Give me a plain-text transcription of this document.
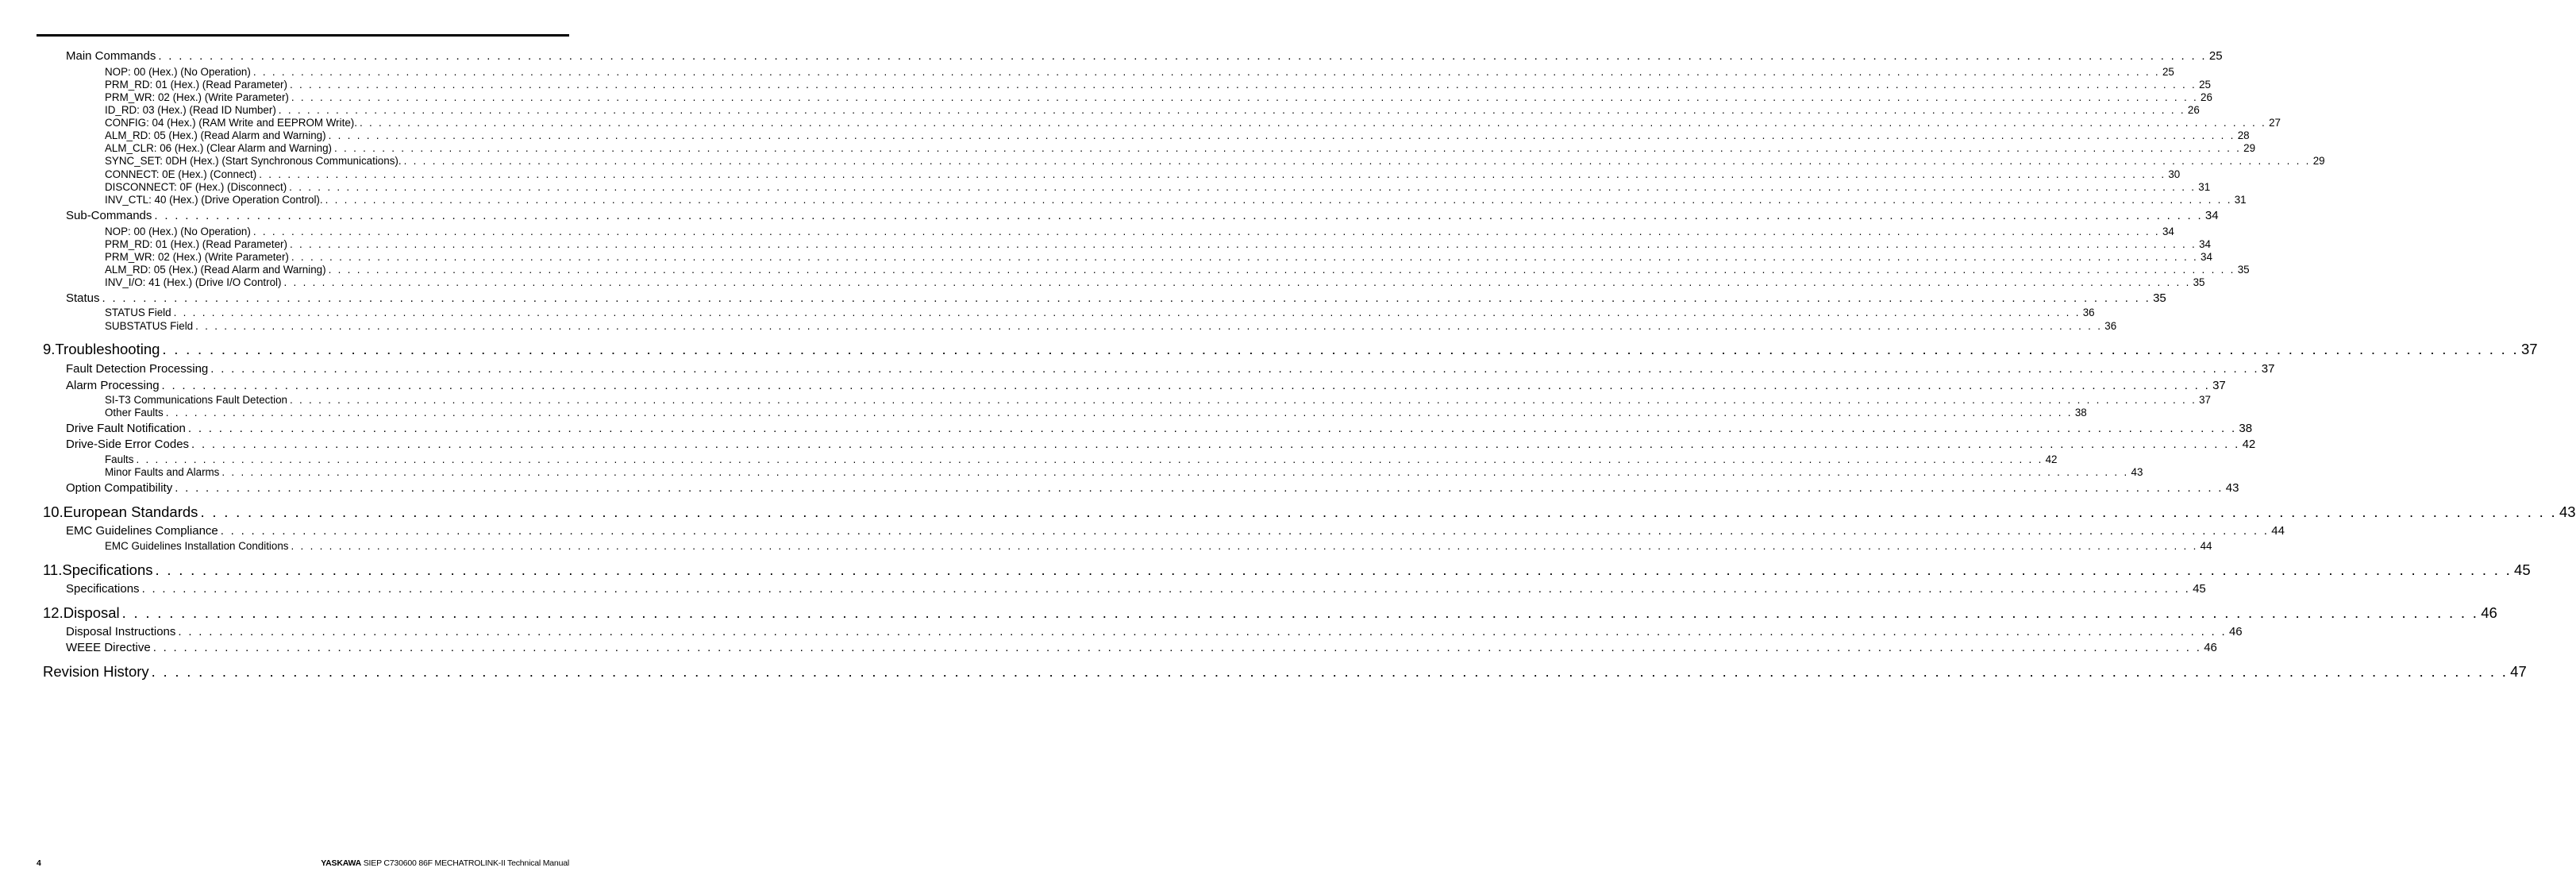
Main Commands . . . . . . . . . . . . . . . . . . . . . . . . . . . . . . . . . . . . . . . . . . . . . . . . . . . . . . . . . . . . . . . . . . . . . . . . . . . . . . . . . . . . . . . . . . . . . . . . . . . . . . . . . . . . . . . . . . . . . . . . . . . . . . . . . . . . . . . . . . . . . . . . . . . . . . . . . . . . . . . . . . . . . . . . . . . . . . . . . . . . . . . . . . . . . . . . . . . . . . . . 25
NOP: 00 (Hex.) (No Operation) . . . . . . . . . . . . . . . . . . . . . . . . . . . . . . . . . . . . . . . . . . . . . . . . . . . . . . . . . . . . . . . . . . . . . . . . . . . . . . . . . . . . . . . . . . . . . . . . . . . . . . . . . . . . . . . . . . . . . . . . . . . . . . . . . . . . . . . . . . . . . . . . . . . . . . . . . . . . . . . . . . . . . . . . . . . . . . . . . . . . . . . . . . . . . . . . . . . . . . . . 25
PRM_RD: 01 (Hex.) (Read Parameter) . . . . . . . . . . . . . . . . . . . . . . . . . . . . . . . . . . . . . . . . . . . . . . . . . . . . . . . . . . . . . . . . . . . . . . . . . . . . . . . . . . . . . . . . . . . . . . . . . . . . . . . . . . . . . . . . . . . . . . . . . . . . . . . . . . . . . . . . . . . . . . . . . . . . . . . . . . . . . . . . . . . . . . . . . . . . . . . . . . . . . . . . . . . . . . . . . . . . . . . . 25
PRM_WR: 02 (Hex.) (Write Parameter) . . . . . . . . . . . . . . . . . . . . . . . . . . . . . . . . . . . . . . . . . . . . . . . . . . . . . . . . . . . . . . . . . . . . . . . . . . . . . . . . . . . . . . . . . . . . . . . . . . . . . . . . . . . . . . . . . . . . . . . . . . . . . . . . . . . . . . . . . . . . . . . . . . . . . . . . . . . . . . . . . . . . . . . . . . . . . . . . . . . . . . . . . . . . . . . . . . . . . . . . 26
ID_RD: 03 (Hex.) (Read ID Number) . . . . . . . . . . . . . . . . . . . . . . . . . . . . . . . . . . . . . . . . . . . . . . . . . . . . . . . . . . . . . . . . . . . . . . . . . . . . . . . . . . . . . . . . . . . . . . . . . . . . . . . . . . . . . . . . . . . . . . . . . . . . . . . . . . . . . . . . . . . . . . . . . . . . . . . . . . . . . . . . . . . . . . . . . . . . . . . . . . . . . . . . . . . . . . . . . . . . . . . . 26
CONFIG: 04 (Hex.) (RAM Write and EEPROM Write). . . . . . . . . . . . . . . . . . . . . . . . . . . . . . . . . . . . . . . . . . . . . . . . . . . . . . . . . . . . . . . . . . . . . . . . . . . . . . . . . . . . . . . . . . . . . . . . . . . . . . . . . . . . . . . . . . . . . . . . . . . . . . . . . . . . . . . . . . . . . . . . . . . . . . . . . . . . . . . . . . . . . . . . . . . . . . . . . . . . . . . . . . . . . . . . . . . . . . . . . 27
ALM_RD: 05 (Hex.) (Read Alarm and Warning) . . . . . . . . . . . . . . . . . . . . . . . . . . . . . . . . . . . . . . . . . . . . . . . . . . . . . . . . . . . . . . . . . . . . . . . . . . . . . . . . . . . . . . . . . . . . . . . . . . . . . . . . . . . . . . . . . . . . . . . . . . . . . . . . . . . . . . . . . . . . . . . . . . . . . . . . . . . . . . . . . . . . . . . . . . . . . . . . . . . . . . . . . . . . . . . . . . . . . . . . 28
ALM_CLR: 06 (Hex.) (Clear Alarm and Warning) . . . . . . . . . . . . . . . . . . . . . . . . . . . . . . . . . . . . . . . . . . . . . . . . . . . . . . . . . . . . . . . . . . . . . . . . . . . . . . . . . . . . . . . . . . . . . . . . . . . . . . . . . . . . . . . . . . . . . . . . . . . . . . . . . . . . . . . . . . . . . . . . . . . . . . . . . . . . . . . . . . . . . . . . . . . . . . . . . . . . . . . . . . . . . . . . . . . . . . . . 29
SYNC_SET: 0DH (Hex.) (Start Synchronous Communications). . . . . . . . . . . . . . . . . . . . . . . . . . . . . . . . . . . . . . . . . . . . . . . . . . . . . . . . . . . . . . . . . . . . . . . . . . . . . . . . . . . . . . . . . . . . . . . . . . . . . . . . . . . . . . . . . . . . . . . . . . . . . . . . . . . . . . . . . . . . . . . . . . . . . . . . . . . . . . . . . . . . . . . . . . . . . . . . . . . . . . . . . . . . . . . . . . . . . . . . . 29
CONNECT: 0E (Hex.) (Connect) . . . . . . . . . . . . . . . . . . . . . . . . . . . . . . . . . . . . . . . . . . . . . . . . . . . . . . . . . . . . . . . . . . . . . . . . . . . . . . . . . . . . . . . . . . . . . . . . . . . . . . . . . . . . . . . . . . . . . . . . . . . . . . . . . . . . . . . . . . . . . . . . . . . . . . . . . . . . . . . . . . . . . . . . . . . . . . . . . . . . . . . . . . . . . . . . . . . . . . . . 30
DISCONNECT: 0F (Hex.) (Disconnect) . . . . . . . . . . . . . . . . . . . . . . . . . . . . . . . . . . . . . . . . . . . . . . . . . . . . . . . . . . . . . . . . . . . . . . . . . . . . . . . . . . . . . . . . . . . . . . . . . . . . . . . . . . . . . . . . . . . . . . . . . . . . . . . . . . . . . . . . . . . . . . . . . . . . . . . . . . . . . . . . . . . . . . . . . . . . . . . . . . . . . . . . . . . . . . . . . . . . . . . . 31
INV_CTL: 40 (Hex.) (Drive Operation Control). . . . . . . . . . . . . . . . . . . . . . . . . . . . . . . . . . . . . . . . . . . . . . . . . . . . . . . . . . . . . . . . . . . . . . . . . . . . . . . . . . . . . . . . . . . . . . . . . . . . . . . . . . . . . . . . . . . . . . . . . . . . . . . . . . . . . . . . . . . . . . . . . . . . . . . . . . . . . . . . . . . . . . . . . . . . . . . . . . . . . . . . . . . . . . . . . . . . . . . . . 31
Sub-Commands . . . . . . . . . . . . . . . . . . . . . . . . . . . . . . . . . . . . . . . . . . . . . . . . . . . . . . . . . . . . . . . . . . . . . . . . . . . . . . . . . . . . . . . . . . . . . . . . . . . . . . . . . . . . . . . . . . . . . . . . . . . . . . . . . . . . . . . . . . . . . . . . . . . . . . . . . . . . . . . . . . . . . . . . . . . . . . . . . . . . . . . . . . . . . . . . . . . . . . . . 34
NOP: 00 (Hex.) (No Operation) . . . . . . . . . . . . . . . . . . . . . . . . . . . . . . . . . . . . . . . . . . . . . . . . . . . . . . . . . . . . . . . . . . . . . . . . . . . . . . . . . . . . . . . . . . . . . . . . . . . . . . . . . . . . . . . . . . . . . . . . . . . . . . . . . . . . . . . . . . . . . . . . . . . . . . . . . . . . . . . . . . . . . . . . . . . . . . . . . . . . . . . . . . . . . . . . . . . . . . . . 34
PRM_RD: 01 (Hex.) (Read Parameter) . . . . . . . . . . . . . . . . . . . . . . . . . . . . . . . . . . . . . . . . . . . . . . . . . . . . . . . . . . . . . . . . . . . . . . . . . . . . . . . . . . . . . . . . . . . . . . . . . . . . . . . . . . . . . . . . . . . . . . . . . . . . . . . . . . . . . . . . . . . . . . . . . . . . . . . . . . . . . . . . . . . . . . . . . . . . . . . . . . . . . . . . . . . . . . . . . . . . . . . . 34
PRM_WR: 02 (Hex.) (Write Parameter) . . . . . . . . . . . . . . . . . . . . . . . . . . . . . . . . . . . . . . . . . . . . . . . . . . . . . . . . . . . . . . . . . . . . . . . . . . . . . . . . . . . . . . . . . . . . . . . . . . . . . . . . . . . . . . . . . . . . . . . . . . . . . . . . . . . . . . . . . . . . . . . . . . . . . . . . . . . . . . . . . . . . . . . . . . . . . . . . . . . . . . . . . . . . . . . . . . . . . . . . 34
ALM_RD: 05 (Hex.) (Read Alarm and Warning) . . . . . . . . . . . . . . . . . . . . . . . . . . . . . . . . . . . . . . . . . . . . . . . . . . . . . . . . . . . . . . . . . . . . . . . . . . . . . . . . . . . . . . . . . . . . . . . . . . . . . . . . . . . . . . . . . . . . . . . . . . . . . . . . . . . . . . . . . . . . . . . . . . . . . . . . . . . . . . . . . . . . . . . . . . . . . . . . . . . . . . . . . . . . . . . . . . . . . . . . 35
INV_I/O: 41 (Hex.) (Drive I/O Control) . . . . . . . . . . . . . . . . . . . . . . . . . . . . . . . . . . . . . . . . . . . . . . . . . . . . . . . . . . . . . . . . . . . . . . . . . . . . . . . . . . . . . . . . . . . . . . . . . . . . . . . . . . . . . . . . . . . . . . . . . . . . . . . . . . . . . . . . . . . . . . . . . . . . . . . . . . . . . . . . . . . . . . . . . . . . . . . . . . . . . . . . . . . . . . . . . . . . . . . . 35
Status . . . . . . . . . . . . . . . . . . . . . . . . . . . . . . . . . . . . . . . . . . . . . . . . . . . . . . . . . . . . . . . . . . . . . . . . . . . . . . . . . . . . . . . . . . . . . . . . . . . . . . . . . . . . . . . . . . . . . . . . . . . . . . . . . . . . . . . . . . . . . . . . . . . . . . . . . . . . . . . . . . . . . . . . . . . . . . . . . . . . . . . . . . . . . . . . . . . . . . . . 35
STATUS Field . . . . . . . . . . . . . . . . . . . . . . . . . . . . . . . . . . . . . . . . . . . . . . . . . . . . . . . . . . . . . . . . . . . . . . . . . . . . . . . . . . . . . . . . . . . . . . . . . . . . . . . . . . . . . . . . . . . . . . . . . . . . . . . . . . . . . . . . . . . . . . . . . . . . . . . . . . . . . . . . . . . . . . . . . . . . . . . . . . . . . . . . . . . . . . . . . . . . . . . . 36
SUBSTATUS Field . . . . . . . . . . . . . . . . . . . . . . . . . . . . . . . . . . . . . . . . . . . . . . . . . . . . . . . . . . . . . . . . . . . . . . . . . . . . . . . . . . . . . . . . . . . . . . . . . . . . . . . . . . . . . . . . . . . . . . . . . . . . . . . . . . . . . . . . . . . . . . . . . . . . . . . . . . . . . . . . . . . . . . . . . . . . . . . . . . . . . . . . . . . . . . . . . . . . . . . . 36
9. Troubleshooting . . . . . . . . . . . . . . . . . . . . . . . . . . . . . . . . . . . . . . . . . . . . . . . . . . . . . . . . . . . . . . . . . . . . . . . . . . . . . . . . . . . . . . . . . . . . . . . . . . . . . . . . . . . . . . . . . . . . . . . . . . . . . . . . . . . . . . . . . . . . . . . . . . . . . . . . . . . . . . . . . . . . . . . . . . . . . . . . . . . . . . . . . . . . . . . . . . . . . . . . 37
Fault Detection Processing . . . . . . . . . . . . . . . . . . . . . . . . . . . . . . . . . . . . . . . . . . . . . . . . . . . . . . . . . . . . . . . . . . . . . . . . . . . . . . . . . . . . . . . . . . . . . . . . . . . . . . . . . . . . . . . . . . . . . . . . . . . . . . . . . . . . . . . . . . . . . . . . . . . . . . . . . . . . . . . . . . . . . . . . . . . . . . . . . . . . . . . . . . . . . . . . . . . . . . . . 37
Alarm Processing . . . . . . . . . . . . . . . . . . . . . . . . . . . . . . . . . . . . . . . . . . . . . . . . . . . . . . . . . . . . . . . . . . . . . . . . . . . . . . . . . . . . . . . . . . . . . . . . . . . . . . . . . . . . . . . . . . . . . . . . . . . . . . . . . . . . . . . . . . . . . . . . . . . . . . . . . . . . . . . . . . . . . . . . . . . . . . . . . . . . . . . . . . . . . . . . . . . . . . . . 37
SI-T3 Communications Fault Detection . . . . . . . . . . . . . . . . . . . . . . . . . . . . . . . . . . . . . . . . . . . . . . . . . . . . . . . . . . . . . . . . . . . . . . . . . . . . . . . . . . . . . . . . . . . . . . . . . . . . . . . . . . . . . . . . . . . . . . . . . . . . . . . . . . . . . . . . . . . . . . . . . . . . . . . . . . . . . . . . . . . . . . . . . . . . . . . . . . . . . . . . . . . . . . . . . . . . . . . . 37
Other Faults . . . . . . . . . . . . . . . . . . . . . . . . . . . . . . . . . . . . . . . . . . . . . . . . . . . . . . . . . . . . . . . . . . . . . . . . . . . . . . . . . . . . . . . . . . . . . . . . . . . . . . . . . . . . . . . . . . . . . . . . . . . . . . . . . . . . . . . . . . . . . . . . . . . . . . . . . . . . . . . . . . . . . . . . . . . . . . . . . . . . . . . . . . . . . . . . . . . . . . . . 38
Drive Fault Notification . . . . . . . . . . . . . . . . . . . . . . . . . . . . . . . . . . . . . . . . . . . . . . . . . . . . . . . . . . . . . . . . . . . . . . . . . . . . . . . . . . . . . . . . . . . . . . . . . . . . . . . . . . . . . . . . . . . . . . . . . . . . . . . . . . . . . . . . . . . . . . . . . . . . . . . . . . . . . . . . . . . . . . . . . . . . . . . . . . . . . . . . . . . . . . . . . . . . . . . . 38
Drive-Side Error Codes . . . . . . . . . . . . . . . . . . . . . . . . . . . . . . . . . . . . . . . . . . . . . . . . . . . . . . . . . . . . . . . . . . . . . . . . . . . . . . . . . . . . . . . . . . . . . . . . . . . . . . . . . . . . . . . . . . . . . . . . . . . . . . . . . . . . . . . . . . . . . . . . . . . . . . . . . . . . . . . . . . . . . . . . . . . . . . . . . . . . . . . . . . . . . . . . . . . . . . . . 42
Faults . . . . . . . . . . . . . . . . . . . . . . . . . . . . . . . . . . . . . . . . . . . . . . . . . . . . . . . . . . . . . . . . . . . . . . . . . . . . . . . . . . . . . . . . . . . . . . . . . . . . . . . . . . . . . . . . . . . . . . . . . . . . . . . . . . . . . . . . . . . . . . . . . . . . . . . . . . . . . . . . . . . . . . . . . . . . . . . . . . . . . . . . . . . . . . . . . . . . . . . . 42
Minor Faults and Alarms . . . . . . . . . . . . . . . . . . . . . . . . . . . . . . . . . . . . . . . . . . . . . . . . . . . . . . . . . . . . . . . . . . . . . . . . . . . . . . . . . . . . . . . . . . . . . . . . . . . . . . . . . . . . . . . . . . . . . . . . . . . . . . . . . . . . . . . . . . . . . . . . . . . . . . . . . . . . . . . . . . . . . . . . . . . . . . . . . . . . . . . . . . . . . . . . . . . . . . . . 43
Option Compatibility . . . . . . . . . . . . . . . . . . . . . . . . . . . . . . . . . . . . . . . . . . . . . . . . . . . . . . . . . . . . . . . . . . . . . . . . . . . . . . . . . . . . . . . . . . . . . . . . . . . . . . . . . . . . . . . . . . . . . . . . . . . . . . . . . . . . . . . . . . . . . . . . . . . . . . . . . . . . . . . . . . . . . . . . . . . . . . . . . . . . . . . . . . . . . . . . . . . . . . . . 43
10. European Standards . . . . . . . . . . . . . . . . . . . . . . . . . . . . . . . . . . . . . . . . . . . . . . . . . . . . . . . . . . . . . . . . . . . . . . . . . . . . . . . . . . . . . . . . . . . . . . . . . . . . . . . . . . . . . . . . . . . . . . . . . . . . . . . . . . . . . . . . . . . . . . . . . . . . . . . . . . . . . . . . . . . . . . . . . . . . . . . . . . . . . . . . . . . . . . . . . . . . . . . . 43
EMC Guidelines Compliance . . . . . . . . . . . . . . . . . . . . . . . . . . . . . . . . . . . . . . . . . . . . . . . . . . . . . . . . . . . . . . . . . . . . . . . . . . . . . . . . . . . . . . . . . . . . . . . . . . . . . . . . . . . . . . . . . . . . . . . . . . . . . . . . . . . . . . . . . . . . . . . . . . . . . . . . . . . . . . . . . . . . . . . . . . . . . . . . . . . . . . . . . . . . . . . . . . . . . . . . 44
EMC Guidelines Installation Conditions . . . . . . . . . . . . . . . . . . . . . . . . . . . . . . . . . . . . . . . . . . . . . . . . . . . . . . . . . . . . . . . . . . . . . . . . . . . . . . . . . . . . . . . . . . . . . . . . . . . . . . . . . . . . . . . . . . . . . . . . . . . . . . . . . . . . . . . . . . . . . . . . . . . . . . . . . . . . . . . . . . . . . . . . . . . . . . . . . . . . . . . . . . . . . . . . . . . . . . . . 44
11. Specifications . . . . . . . . . . . . . . . . . . . . . . . . . . . . . . . . . . . . . . . . . . . . . . . . . . . . . . . . . . . . . . . . . . . . . . . . . . . . . . . . . . . . . . . . . . . . . . . . . . . . . . . . . . . . . . . . . . . . . . . . . . . . . . . . . . . . . . . . . . . . . . . . . . . . . . . . . . . . . . . . . . . . . . . . . . . . . . . . . . . . . . . . . . . . . . . . . . . . . . . . 45
Specifications . . . . . . . . . . . . . . . . . . . . . . . . . . . . . . . . . . . . . . . . . . . . . . . . . . . . . . . . . . . . . . . . . . . . . . . . . . . . . . . . . . . . . . . . . . . . . . . . . . . . . . . . . . . . . . . . . . . . . . . . . . . . . . . . . . . . . . . . . . . . . . . . . . . . . . . . . . . . . . . . . . . . . . . . . . . . . . . . . . . . . . . . . . . . . . . . . . . . . . . . 45
12. Disposal . . . . . . . . . . . . . . . . . . . . . . . . . . . . . . . . . . . . . . . . . . . . . . . . . . . . . . . . . . . . . . . . . . . . . . . . . . . . . . . . . . . . . . . . . . . . . . . . . . . . . . . . . . . . . . . . . . . . . . . . . . . . . . . . . . . . . . . . . . . . . . . . . . . . . . . . . . . . . . . . . . . . . . . . . . . . . . . . . . . . . . . . . . . . . . . . . . . . . . . . 46
Disposal Instructions . . . . . . . . . . . . . . . . . . . . . . . . . . . . . . . . . . . . . . . . . . . . . . . . . . . . . . . . . . . . . . . . . . . . . . . . . . . . . . . . . . . . . . . . . . . . . . . . . . . . . . . . . . . . . . . . . . . . . . . . . . . . . . . . . . . . . . . . . . . . . . . . . . . . . . . . . . . . . . . . . . . . . . . . . . . . . . . . . . . . . . . . . . . . . . . . . . . . . . . . 46
WEEE Directive . . . . . . . . . . . . . . . . . . . . . . . . . . . . . . . . . . . . . . . . . . . . . . . . . . . . . . . . . . . . . . . . . . . . . . . . . . . . . . . . . . . . . . . . . . . . . . . . . . . . . . . . . . . . . . . . . . . . . . . . . . . . . . . . . . . . . . . . . . . . . . . . . . . . . . . . . . . . . . . . . . . . . . . . . . . . . . . . . . . . . . . . . . . . . . . . . . . . . . . . 46
Revision History . . . . . . . . . . . . . . . . . . . . . . . . . . . . . . . . . . . . . . . . . . . . . . . . . . . . . . . . . . . . . . . . . . . . . . . . . . . . . . . . . . . . . . . . . . . . . . . . . . . . . . . . . . . . . . . . . . . . . . . . . . . . . . . . . . . . . . . . . . . . . . . . . . . . . . . . . . . . . . . . . . . . . . . . . . . . . . . . . . . . . . . . . . . . . . . . . . . . . . . . 47
4	YASKAWA SIEP C730600 86F MECHATROLINK-II Technical Manual
